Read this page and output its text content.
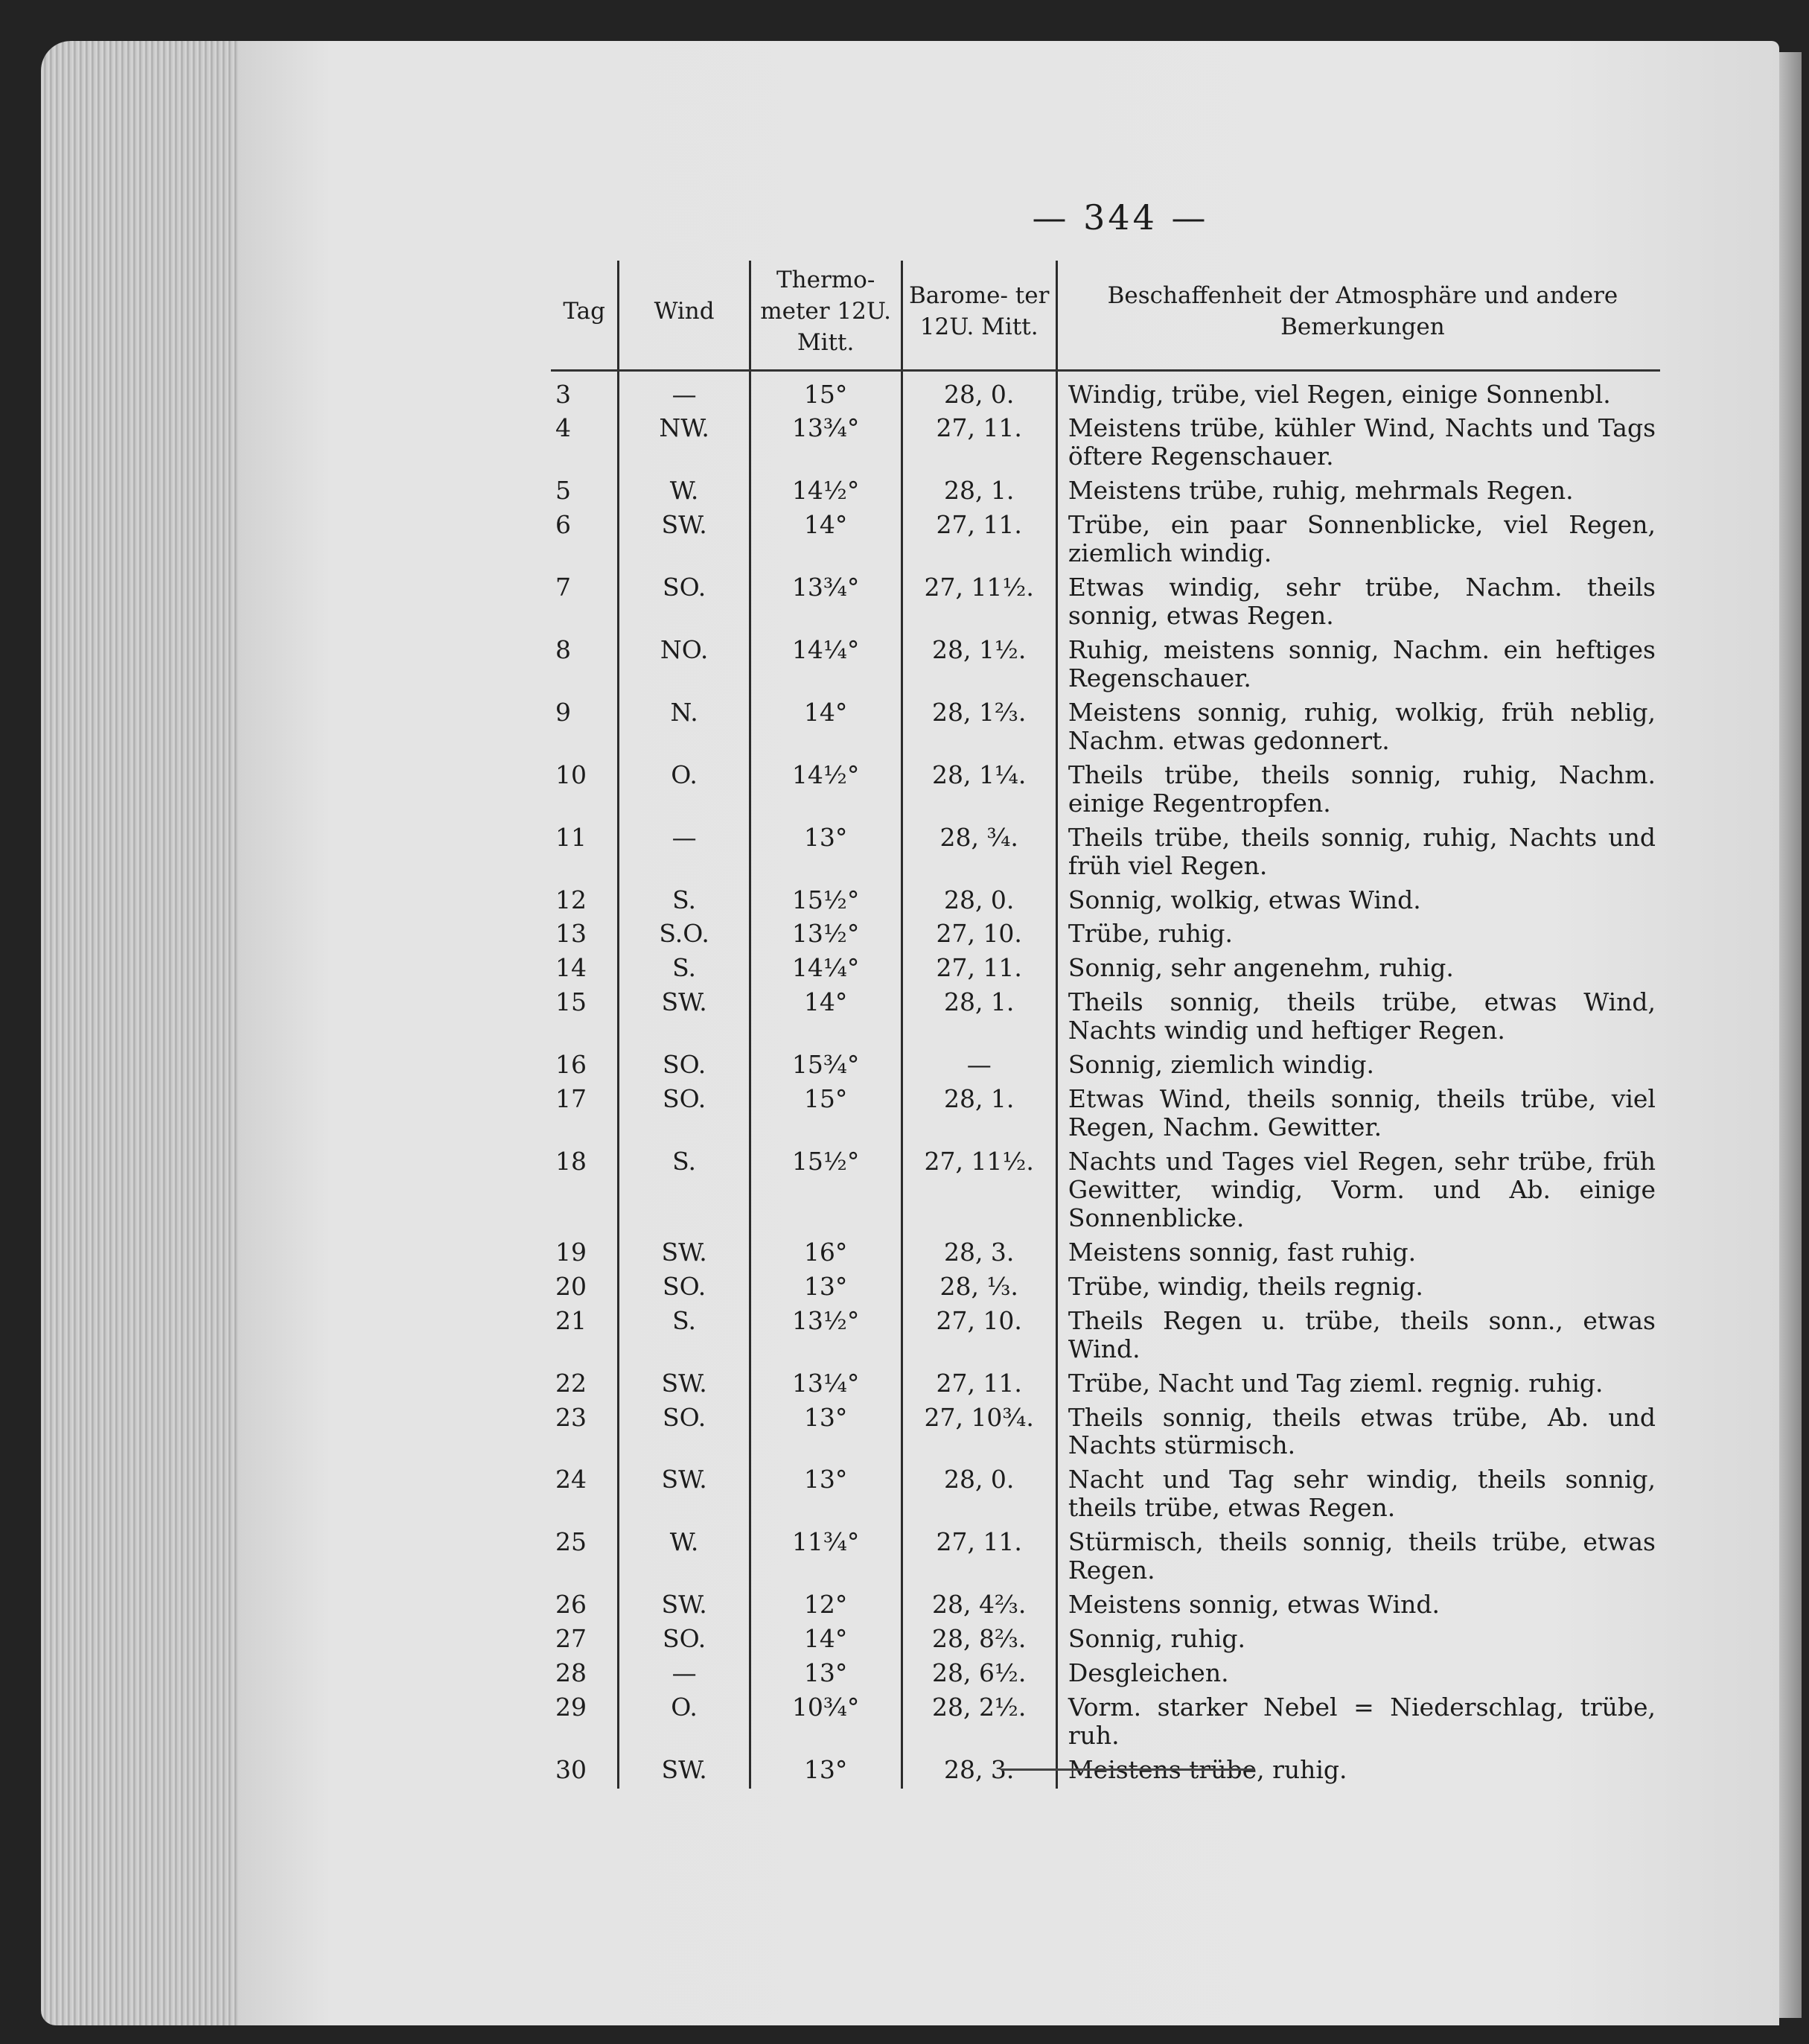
— 344 —
Tag	Wind	Thermo- meter 12U. Mitt.	Barome- ter 12U. Mitt.	Beschaffenheit der Atmosphäre und andere Bemerkungen
3	—	15°	28, 0.	Windig, trübe, viel Regen, einige Sonnenbl.
4	NW.	13¾°	27, 11.	Meistens trübe, kühler Wind, Nachts und Tags öftere Regenschauer.
5	W.	14½°	28, 1.	Meistens trübe, ruhig, mehrmals Regen.
6	SW.	14°	27, 11.	Trübe, ein paar Sonnenblicke, viel Regen, ziemlich windig.
7	SO.	13¾°	27, 11½.	Etwas windig, sehr trübe, Nachm. theils sonnig, etwas Regen.
8	NO.	14¼°	28, 1½.	Ruhig, meistens sonnig, Nachm. ein heftiges Regenschauer.
9	N.	14°	28, 1⅔.	Meistens sonnig, ruhig, wolkig, früh neblig, Nachm. etwas gedonnert.
10	O.	14½°	28, 1¼.	Theils trübe, theils sonnig, ruhig, Nachm. einige Regentropfen.
11	—	13°	28, ¾.	Theils trübe, theils sonnig, ruhig, Nachts und früh viel Regen.
12	S.	15½°	28, 0.	Sonnig, wolkig, etwas Wind.
13	S.O.	13½°	27, 10.	Trübe, ruhig.
14	S.	14¼°	27, 11.	Sonnig, sehr angenehm, ruhig.
15	SW.	14°	28, 1.	Theils sonnig, theils trübe, etwas Wind, Nachts windig und heftiger Regen.
16	SO.	15¾°	—	Sonnig, ziemlich windig.
17	SO.	15°	28, 1.	Etwas Wind, theils sonnig, theils trübe, viel Regen, Nachm. Gewitter.
18	S.	15½°	27, 11½.	Nachts und Tages viel Regen, sehr trübe, früh Gewitter, windig, Vorm. und Ab. einige Sonnenblicke.
19	SW.	16°	28, 3.	Meistens sonnig, fast ruhig.
20	SO.	13°	28, ⅓.	Trübe, windig, theils regnig.
21	S.	13½°	27, 10.	Theils Regen u. trübe, theils sonn., etwas Wind.
22	SW.	13¼°	27, 11.	Trübe, Nacht und Tag zieml. regnig. ruhig.
23	SO.	13°	27, 10¾.	Theils sonnig, theils etwas trübe, Ab. und Nachts stürmisch.
24	SW.	13°	28, 0.	Nacht und Tag sehr windig, theils sonnig, theils trübe, etwas Regen.
25	W.	11¾°	27, 11.	Stürmisch, theils sonnig, theils trübe, etwas Regen.
26	SW.	12°	28, 4⅔.	Meistens sonnig, etwas Wind.
27	SO.	14°	28, 8⅔.	Sonnig, ruhig.
28	—	13°	28, 6½.	Desgleichen.
29	O.	10¾°	28, 2½.	Vorm. starker Nebel = Niederschlag, trübe, ruh.
30	SW.	13°	28, 3.	Meistens trübe, ruhig.
